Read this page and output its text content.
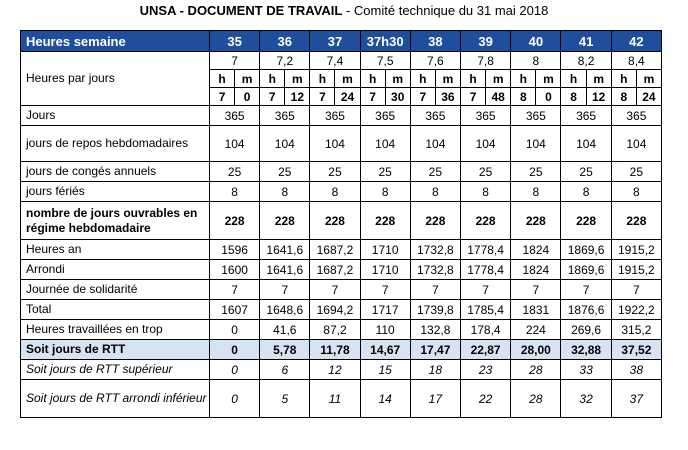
UNSA - DOCUMENT DE TRAVAIL - Comité technique du 31 mai 2018
Heures semaine	35		36		37		37h30		38		39		40		41		42	
Heures par jours	7		7,2		7,4		7,5		7,6		7,8		8		8,2		8,4	
	h	m	h	m	h	m	h	m	h	m	h	m	h	m	h	m	h	m
	7	0	7	12	7	24	7	30	7	36	7	48	8	0	8	12	8	24
Jours	365		365		365		365		365		365		365		365		365	
jours de repos hebdomadaires	104		104		104		104		104		104		104		104		104	
jours de congés annuels	25		25		25		25		25		25		25		25		25	
jours fériés	8		8		8		8		8		8		8		8		8	
nombre de jours ouvrables en régime hebdomadaire	228		228		228		228		228		228		228		228		228	
Heures an	1596		1641,6		1687,2		1710		1732,8		1778,4		1824		1869,6		1915,2	
Arrondi	1600		1641,6		1687,2		1710		1732,8		1778,4		1824		1869,6		1915,2	
Journée de solidarité	7		7		7		7		7		7		7		7		7	
Total	1607		1648,6		1694,2		1717		1739,8		1785,4		1831		1876,6		1922,2	
Heures travaillées en trop	0		41,6		87,2		110		132,8		178,4		224		269,6		315,2	
Soit jours de RTT	0		5,78		11,78		14,67		17,47		22,87		28,00		32,88		37,52	
Soit jours de RTT supérieur	0		6		12		15		18		23		28		33		38	
Soit jours de RTT arrondi inférieur	0		5		11		14		17		22		28		32		37	
